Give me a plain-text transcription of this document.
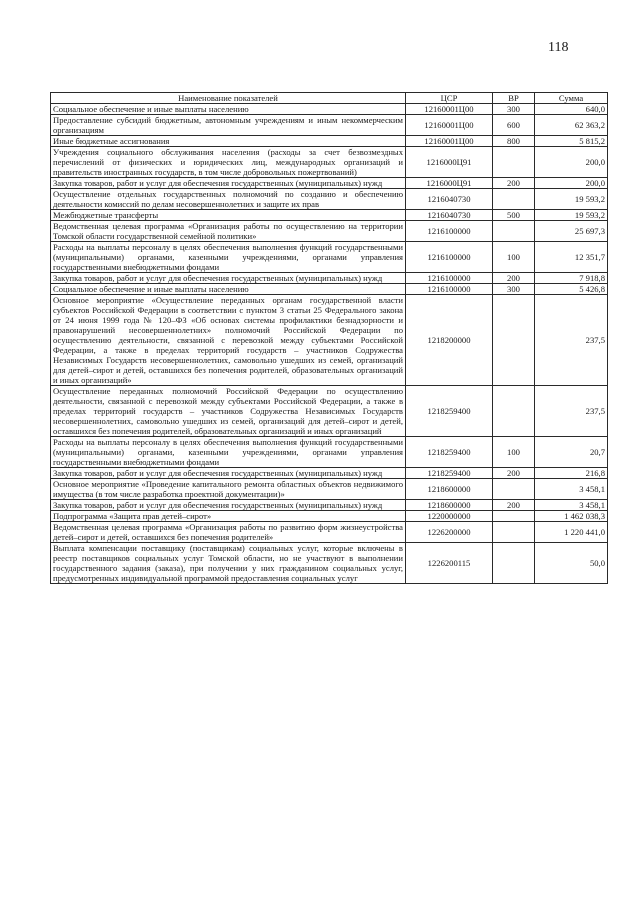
118
Наименование показателей	ЦСР	ВР	Сумма
Социальное обеспечение и иные выплаты населению	12160001Ц00	300	640,0
Предоставление субсидий бюджетным, автономным учреждениям и иным некоммерческим организациям	12160001Ц00	600	62 363,2
Иные бюджетные ассигнования	12160001Ц00	800	5 815,2
Учреждения социального обслуживания населения (расходы за счет безвозмездных перечислений от физических и юридических лиц, международных организаций и правительств иностранных государств, в том числе добровольных пожертвований)	1216000Ц91		200,0
Закупка товаров, работ и услуг для обеспечения государственных (муниципальных) нужд	1216000Ц91	200	200,0
Осуществление отдельных государственных полномочий по созданию и обеспечению деятельности комиссий по делам несовершеннолетних и защите их прав	1216040730		19 593,2
Межбюджетные трансферты	1216040730	500	19 593,2
Ведомственная целевая программа «Организация работы по осуществлению на территории Томской области государственной семейной политики»	1216100000		25 697,3
Расходы на выплаты персоналу в целях обеспечения выполнения функций государственными (муниципальными) органами, казенными учреждениями, органами управления государственными внебюджетными фондами	1216100000	100	12 351,7
Закупка товаров, работ и услуг для обеспечения государственных (муниципальных) нужд	1216100000	200	7 918,8
Социальное обеспечение и иные выплаты населению	1216100000	300	5 426,8
Основное мероприятие «Осуществление переданных органам государственной власти субъектов Российской Федерации в соответствии с пунктом 3 статьи 25 Федерального закона от 24 июня 1999 года № 120–ФЗ «Об основах системы профилактики безнадзорности и правонарушений несовершеннолетних» полномочий Российской Федерации по осуществлению деятельности, связанной с перевозкой между субъектами Российской Федерации, а также в пределах территорий государств – участников Содружества Независимых Государств несовершеннолетних, самовольно ушедших из семей, организаций для детей–сирот и детей, оставшихся без попечения родителей, образовательных организаций и иных организаций»	1218200000		237,5
Осуществление переданных полномочий Российской Федерации по осуществлению деятельности, связанной с перевозкой между субъектами Российской Федерации, а также в пределах территорий государств – участников Содружества Независимых Государств несовершеннолетних, самовольно ушедших из семей, организаций для детей–сирот и детей, оставшихся без попечения родителей, образовательных организаций и иных организаций	1218259400		237,5
Расходы на выплаты персоналу в целях обеспечения выполнения функций государственными (муниципальными) органами, казенными учреждениями, органами управления государственными внебюджетными фондами	1218259400	100	20,7
Закупка товаров, работ и услуг для обеспечения государственных (муниципальных) нужд	1218259400	200	216,8
Основное мероприятие «Проведение капитального ремонта областных объектов недвижимого имущества (в том числе разработка проектной документации)»	1218600000		3 458,1
Закупка товаров, работ и услуг для обеспечения государственных (муниципальных) нужд	1218600000	200	3 458,1
Подпрограмма «Защита прав детей–сирот»	1220000000		1 462 038,3
Ведомственная целевая программа «Организация работы по развитию форм жизнеустройства детей–сирот и детей, оставшихся без попечения родителей»	1226200000		1 220 441,0
Выплата компенсации поставщику (поставщикам) социальных услуг, которые включены в реестр поставщиков социальных услуг Томской области, но не участвуют в выполнении государственного задания (заказа), при получении у них гражданином социальных услуг, предусмотренных индивидуальной программой предоставления социальных услуг	1226200115		50,0
